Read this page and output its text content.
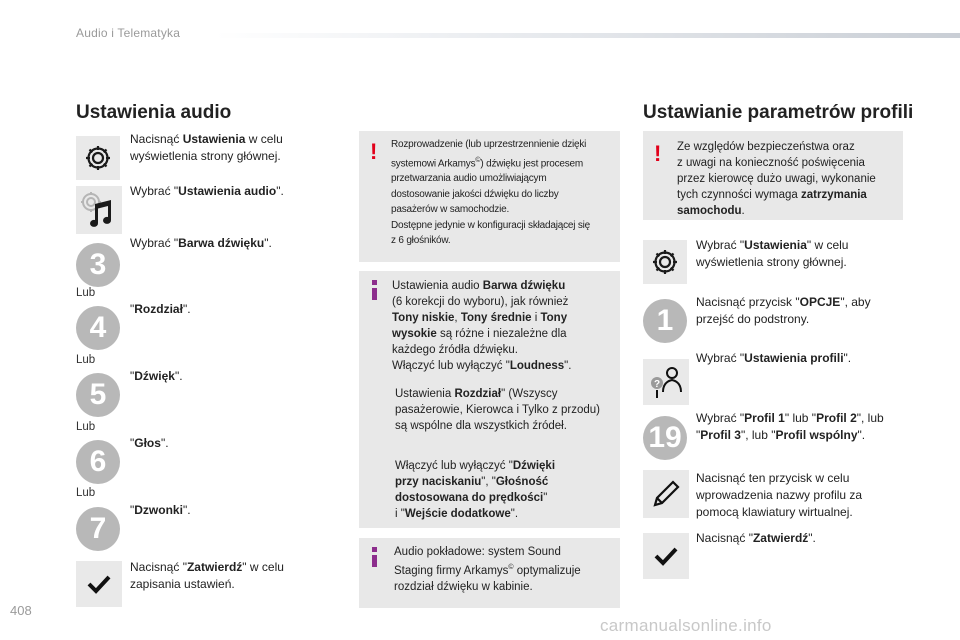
Audio i Telematyka
Ustawienia audio
Nacisnąć Ustawienia w celu wyświetlenia strony głównej.
Wybrać "Ustawienia audio".
3
Wybrać "Barwa dźwięku".
Lub
4
"Rozdział".
Lub
5
"Dźwięk".
Lub
6
"Głos".
Lub
7
"Dzwonki".
Nacisnąć "Zatwierdź" w celu zapisania ustawień.
! Rozprowadzenie (lub uprzestrzennienie dzięki
systemowi Arkamys©) dźwięku jest procesem
przetwarzania audio umożliwiającym
dostosowanie jakości dźwięku do liczby
pasażerów w samochodzie.
Dostępne jedynie w konfiguracji składającej się
z 6 głośników.
Ustawienia audio Barwa dźwięku
(6 korekcji do wyboru), jak również
Tony niskie, Tony średnie i Tony
wysokie są różne i niezależne dla
każdego źródła dźwięku.
Włączyć lub wyłączyć "Loudness".
Ustawienia Rozdział" (Wszyscy
pasażerowie, Kierowca i Tylko z przodu)
są wspólne dla wszystkich źródeł.
Włączyć lub wyłączyć "Dźwięki
przy naciskaniu", "Głośność
dostosowana do prędkości"
i "Wejście dodatkowe".
Audio pokładowe: system Sound
Staging firmy Arkamys© optymalizuje
rozdział dźwięku w kabinie.
Ustawianie parametrów profili
! Ze względów bezpieczeństwa oraz
z uwagi na konieczność poświęcenia
przez kierowcę dużo uwagi, wykonanie
tych czynności wymaga zatrzymania
samochodu.
Wybrać "Ustawienia" w celu wyświetlenia strony głównej.
1
Nacisnąć przycisk "OPCJE", aby przejść do podstrony.
?
Wybrać "Ustawienia profili".
19
Wybrać "Profil 1" lub "Profil 2", lub "Profil 3", lub "Profil wspólny".
Nacisnąć ten przycisk w celu wprowadzenia nazwy profilu za pomocą klawiatury wirtualnej.
Nacisnąć "Zatwierdź".
408
carmanualsonline.info
